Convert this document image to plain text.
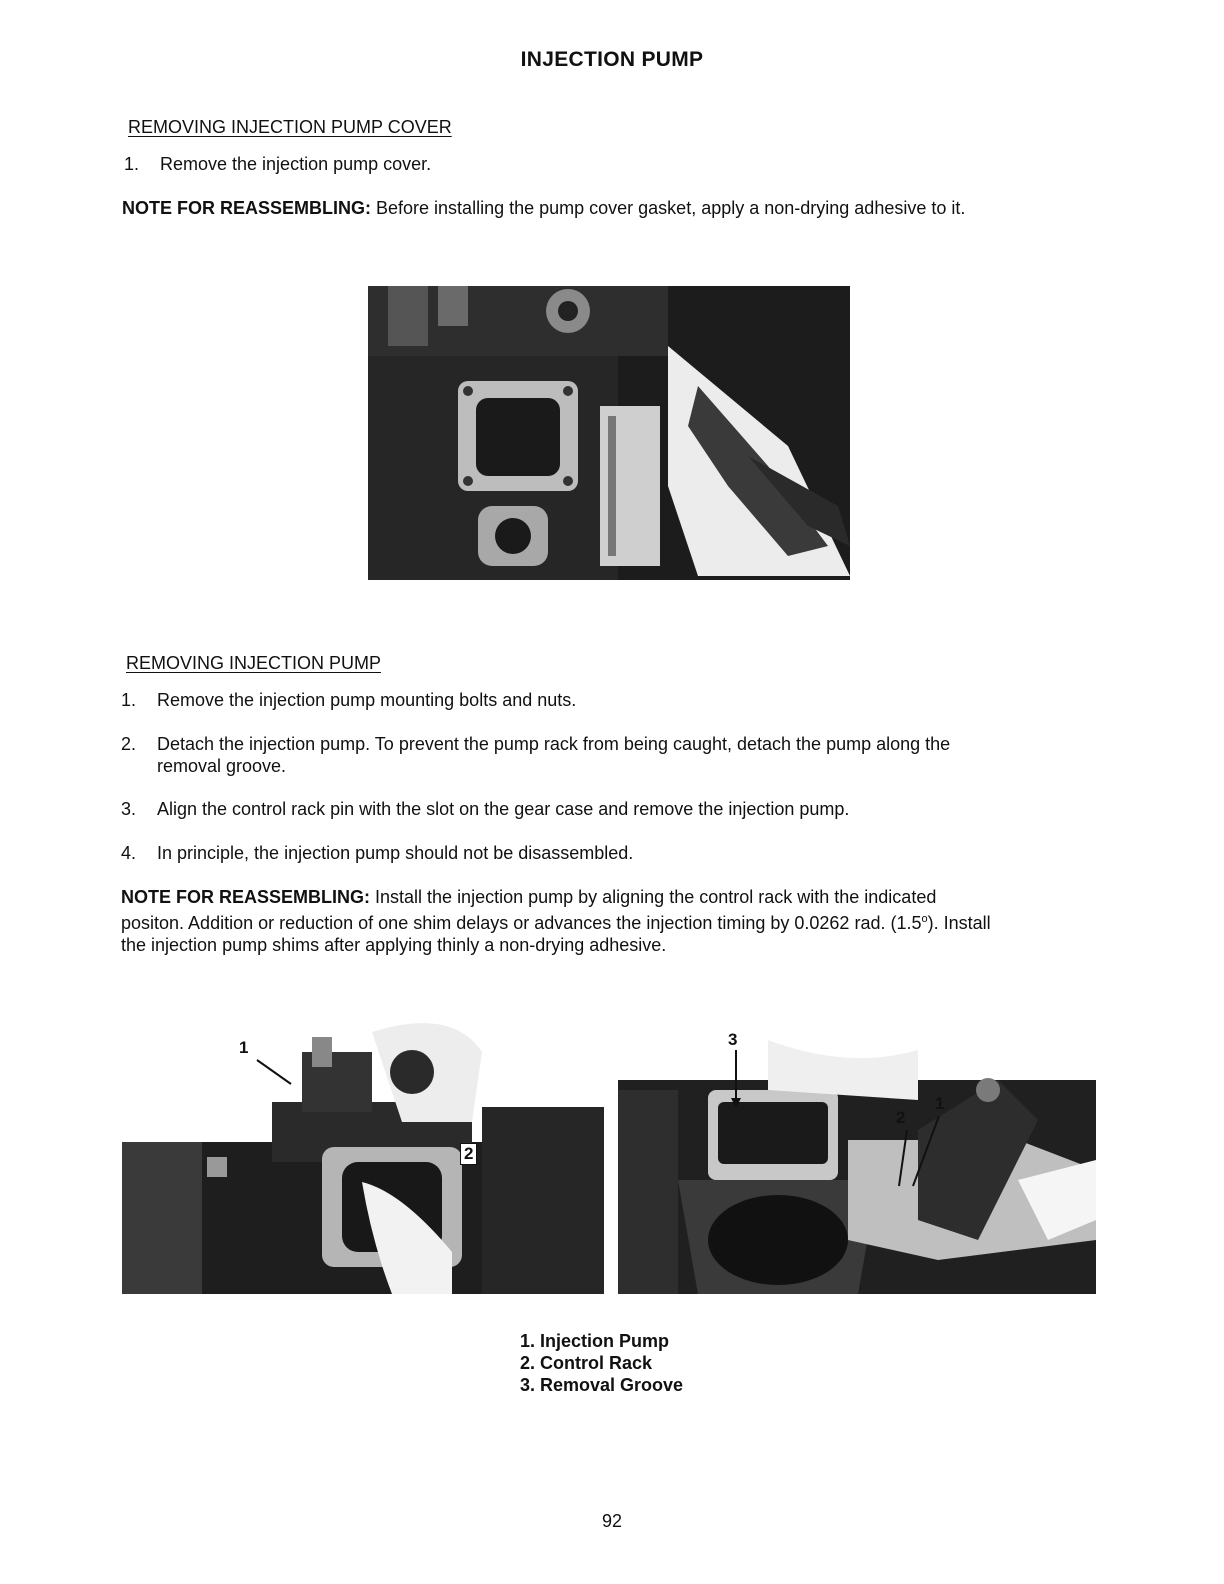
INJECTION PUMP
REMOVING INJECTION PUMP COVER
1. Remove the injection pump cover.
NOTE FOR REASSEMBLING: Before installing the pump cover gasket, apply a non-drying adhesive to it.
REMOVING INJECTION PUMP
1. Remove the injection pump mounting bolts and nuts.
2. Detach the injection pump. To prevent the pump rack from being caught, detach the pump along the removal groove.
3. Align the control rack pin with the slot on the gear case and remove the injection pump.
4. In principle, the injection pump should not be disassembled.
NOTE FOR REASSEMBLING: Install the injection pump by aligning the control rack with the indicated positon. Addition or reduction of one shim delays or advances the injection timing by 0.0262 rad. (1.5$^o$). Install the injection pump shims after applying thinly a non-drying adhesive.
1
2
3
2
1
1. Injection Pump
2. Control Rack
3. Removal Groove
92
